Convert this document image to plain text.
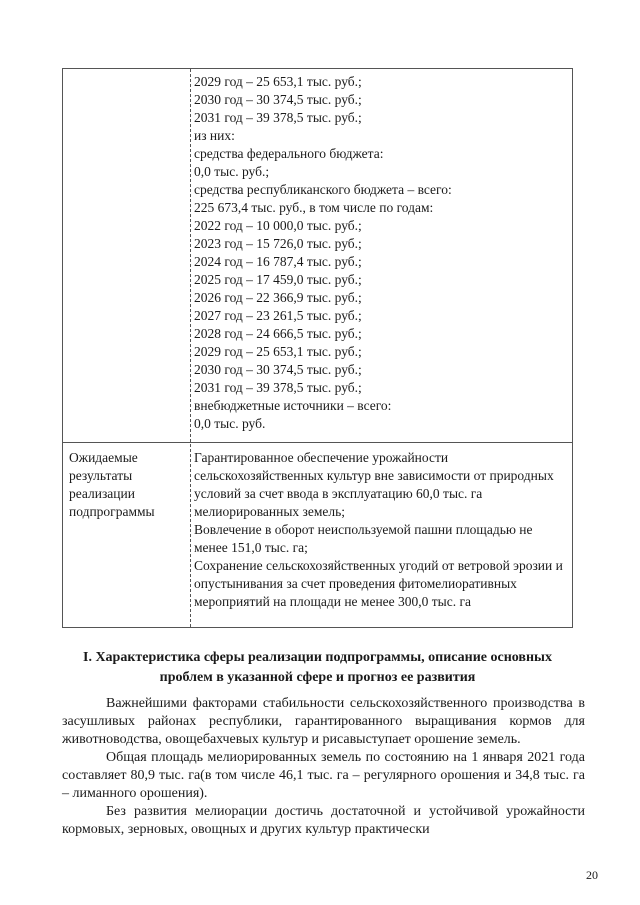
2029 год – 25 653,1 тыс. руб.;
2030 год – 30 374,5 тыс. руб.;
2031 год – 39 378,5 тыс. руб.;
из них:
средства федерального бюджета:
0,0 тыс. руб.;
средства республиканского бюджета – всего:
225 673,4 тыс. руб., в том числе по годам:
2022 год – 10 000,0 тыс. руб.;
2023 год – 15 726,0 тыс. руб.;
2024 год – 16 787,4 тыс. руб.;
2025 год – 17 459,0 тыс. руб.;
2026 год – 22 366,9 тыс. руб.;
2027 год – 23 261,5 тыс. руб.;
2028 год – 24 666,5 тыс. руб.;
2029 год – 25 653,1 тыс. руб.;
2030 год – 30 374,5 тыс. руб.;
2031 год – 39 378,5 тыс. руб.;
внебюджетные источники – всего:
0,0 тыс. руб.
Ожидаемые результаты реализации подпрограммы
Гарантированное обеспечение урожайности сельскохозяйственных культур вне зависимости от природных условий за счет ввода в эксплуатацию 60,0 тыс. га мелиорированных земель;
Вовлечение в оборот неиспользуемой пашни площадью не менее 151,0 тыс. га;
Сохранение сельскохозяйственных угодий от ветровой эрозии и опустынивания за счет проведения фитомелиоративных мероприятий на площади не менее 300,0 тыс. га
I. Характеристика сферы реализации подпрограммы, описание основных проблем в указанной сфере и прогноз ее развития

Важнейшими факторами стабильности сельскохозяйственного производства в засушливых районах республики, гарантированного выращивания кормов для животноводства, овощебахчевых культур и рисавыступает орошение земель.

Общая площадь мелиорированных земель по состоянию на 1 января 2021 года составляет 80,9 тыс. га(в том числе 46,1 тыс. га – регулярного орошения и 34,8 тыс. га – лиманного орошения).

Без развития мелиорации достичь достаточной и устойчивой урожайности кормовых, зерновых, овощных и других культур практически

20
